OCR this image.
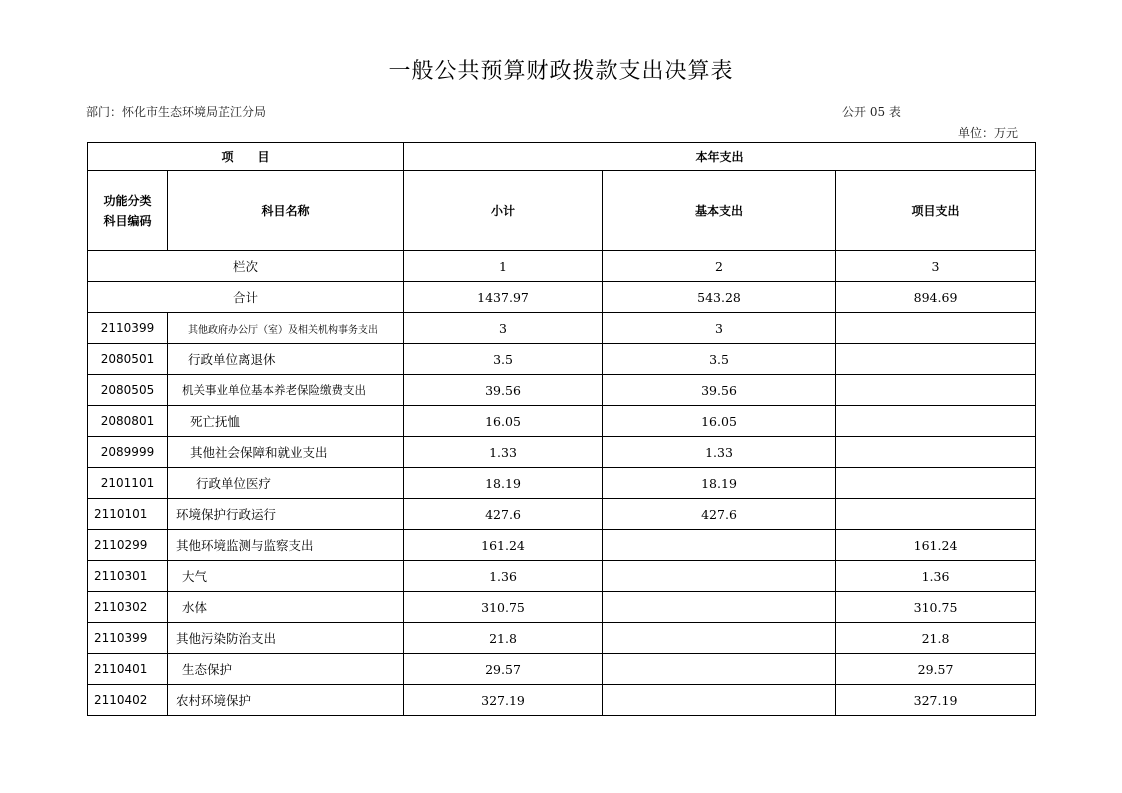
一般公共预算财政拨款支出决算表
部门：怀化市生态环境局芷江分局	公开 05 表
单位：万元
项　　目		本年支出		

功能分类
科目编码	科目名称	小计	基本支出	项目支出
栏次		1	2	3
合计		1437.97	543.28	894.69
2110399	其他政府办公厅（室）及相关机构事务支出	3	3	
2080501	行政单位离退休	3.5	3.5	
2080505	机关事业单位基本养老保险缴费支出	39.56	39.56	
2080801	死亡抚恤	16.05	16.05	
2089999	其他社会保障和就业支出	1.33	1.33	
2101101	行政单位医疗	18.19	18.19	
2110101	环境保护行政运行	427.6	427.6	
2110299	其他环境监测与监察支出	161.24		161.24
2110301	大气	1.36		1.36
2110302	水体	310.75		310.75
2110399	其他污染防治支出	21.8		21.8
2110401	生态保护	29.57		29.57
2110402	农村环境保护	327.19		327.19
